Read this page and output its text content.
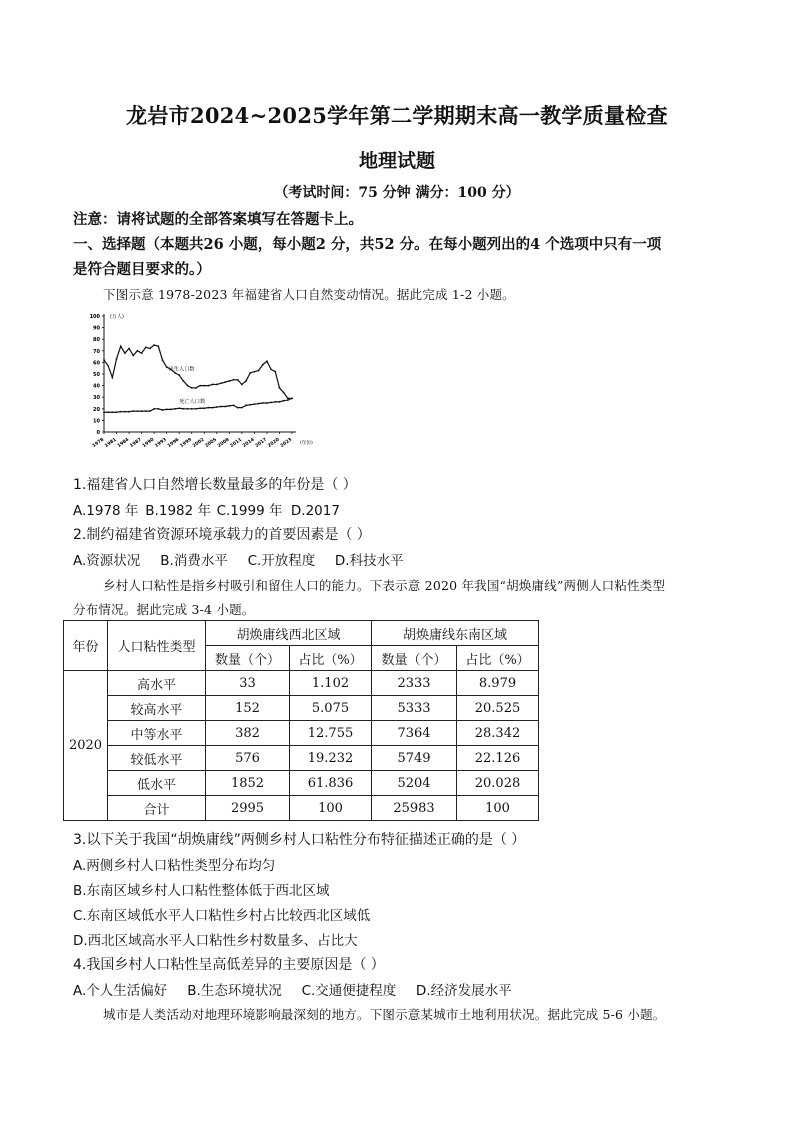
龙岩市2024~2025学年第二学期期末高一教学质量检查
地理试题
（考试时间：75 分钟 满分：100 分）
注意：请将试题的全部答案填写在答题卡上。
一、选择题（本题共26 小题，每小题2 分，共52 分。在每小题列出的4 个选项中只有一项
是符合题目要求的。）
下图示意 1978-2023 年福建省人口自然变动情况。据此完成 1-2 小题。
0
10
20
30
40
50
60
70
80
90
100 (万人)
1978 1981 1984 1987 1990 1993 1996 1999 2002 2005 2008 2011 2014 2017 2020 2023 (年份)
出生人口数
死亡人口数
1.福建省人口自然增长数量最多的年份是（ ）
A.1978 年 B.1982 年 C.1999 年 D.2017
2.制约福建省资源环境承载力的首要因素是（ ）
A.资源状况 B.消费水平 C.开放程度 D.科技水平
乡村人口粘性是指乡村吸引和留住人口的能力。下表示意 2020 年我国“胡焕庸线”两侧人口粘性类型
分布情况。据此完成 3-4 小题。
年份	人口粘性类型	胡焕庸线西北区域		胡焕庸线东南区域	
		数量（个）	占比（%）	数量（个）	占比（%）
2020	高水平	33	1.102	2333	8.979
	较高水平	152	5.075	5333	20.525
	中等水平	382	12.755	7364	28.342
	较低水平	576	19.232	5749	22.126
	低水平	1852	61.836	5204	20.028
	合计	2995	100	25983	100
3.以下关于我国“胡焕庸线”两侧乡村人口粘性分布特征描述正确的是（ ）
A.两侧乡村人口粘性类型分布均匀
B.东南区域乡村人口粘性整体低于西北区域
C.东南区域低水平人口粘性乡村占比较西北区域低
D.西北区域高水平人口粘性乡村数量多、占比大
4.我国乡村人口粘性呈高低差异的主要原因是（ ）
A.个人生活偏好 B.生态环境状况 C.交通便捷程度 D.经济发展水平
城市是人类活动对地理环境影响最深刻的地方。下图示意某城市土地利用状况。据此完成 5-6 小题。
